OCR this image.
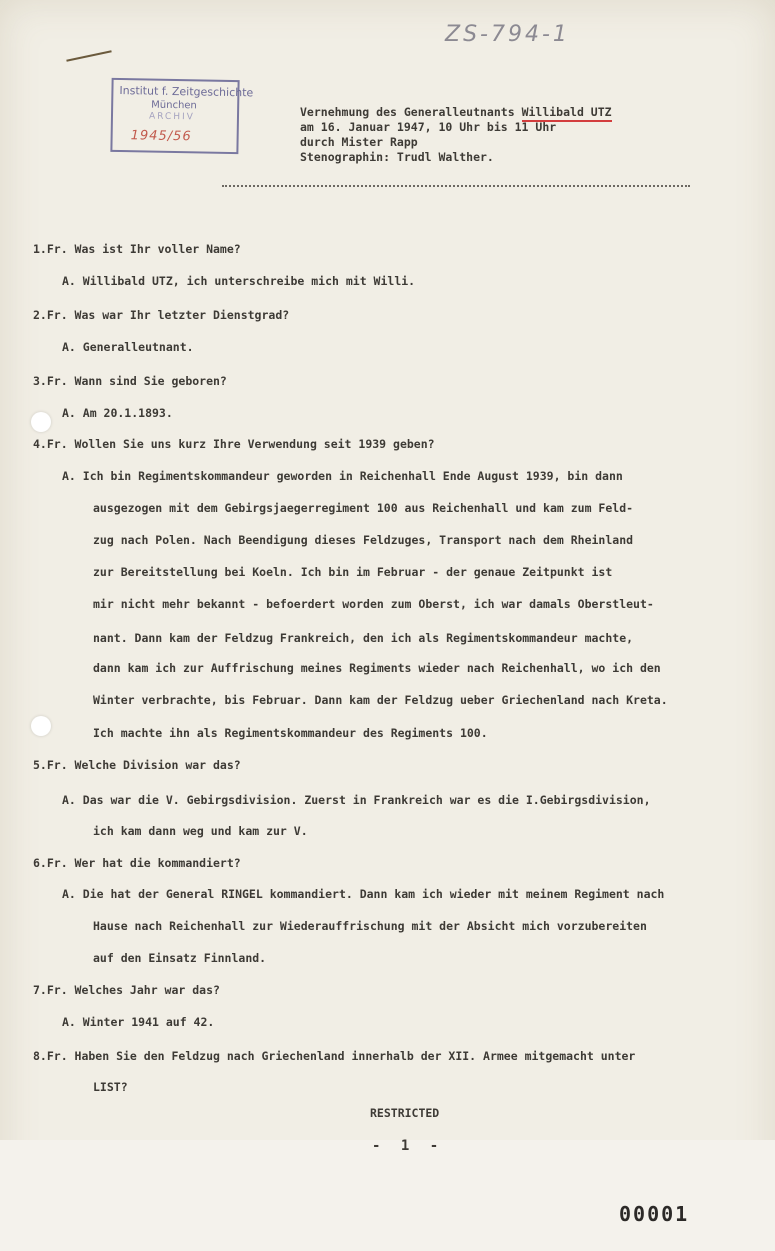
ZS-794-1
Institut f. Zeitgeschichte
München
ARCHIV
1945/56
Vernehmung des Generalleutnants Willibald UTZ
am 16. Januar 1947, 10 Uhr bis 11 Uhr
durch Mister Rapp
Stenographin: Trudl Walther.
1.Fr. Was ist Ihr voller Name?
A. Willibald UTZ, ich unterschreibe mich mit Willi.
2.Fr. Was war Ihr letzter Dienstgrad?
A. Generalleutnant.
3.Fr. Wann sind Sie geboren?
A. Am 20.1.1893.
4.Fr. Wollen Sie uns kurz Ihre Verwendung seit 1939 geben?
A. Ich bin Regimentskommandeur geworden in Reichenhall Ende August 1939, bin dann
ausgezogen mit dem Gebirgsjaegerregiment 100 aus Reichenhall und kam zum Feld-
zug nach Polen. Nach Beendigung dieses Feldzuges, Transport nach dem Rheinland
zur Bereitstellung bei Koeln. Ich bin im Februar - der genaue Zeitpunkt ist
mir nicht mehr bekannt - befoerdert worden zum Oberst, ich war damals Oberstleut-
nant. Dann kam der Feldzug Frankreich, den ich als Regimentskommandeur machte,
dann kam ich zur Auffrischung meines Regiments wieder nach Reichenhall, wo ich den
Winter verbrachte, bis Februar. Dann kam der Feldzug ueber Griechenland nach Kreta.
Ich machte ihn als Regimentskommandeur des Regiments 100.
5.Fr. Welche Division war das?
A. Das war die V. Gebirgsdivision. Zuerst in Frankreich war es die I.Gebirgsdivision,
ich kam dann weg und kam zur V.
6.Fr. Wer hat die kommandiert?
A. Die hat der General RINGEL kommandiert. Dann kam ich wieder mit meinem Regiment nach
Hause nach Reichenhall zur Wiederauffrischung mit der Absicht mich vorzubereiten
auf den Einsatz Finnland.
7.Fr. Welches Jahr war das?
A. Winter 1941 auf 42.
8.Fr. Haben Sie den Feldzug nach Griechenland innerhalb der XII. Armee mitgemacht unter
LIST?
RESTRICTED
- 1 -
00001
